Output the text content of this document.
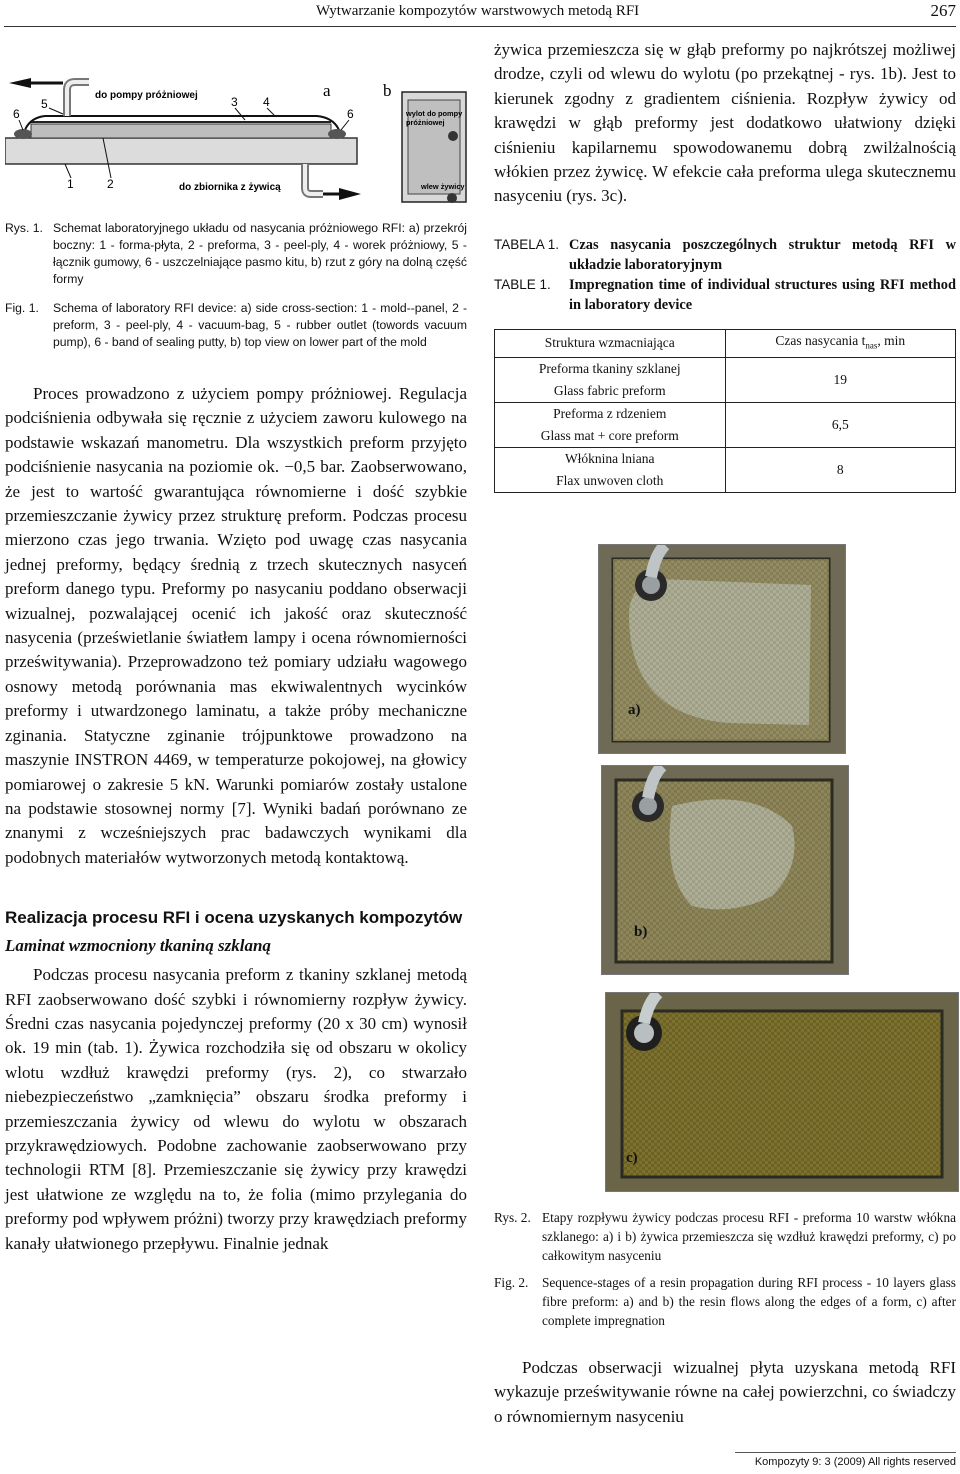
Wytwarzanie kompozytów warstwowych metodą RFI	267
6
5	3 4
6
1	2
do pompy próżniowej
do zbiornika z żywicą
a	b
wylot do pompy
próżniowej
wlew żywicy
Rys. 1. Schemat laboratoryjnego układu od nasycania próżniowego RFI: a) przekrój boczny: 1 - forma-płyta, 2 - preforma, 3 - peel-ply, 4 - worek próżniowy, 5 - łącznik gumowy, 6 - uszczelniające pasmo kitu, b) rzut z góry na dolną część formy
Fig. 1. Schema of laboratory RFI device: a) side cross-section: 1 - mold--panel, 2 - preform, 3 - peel-ply, 4 - vacuum-bag, 5 - rubber outlet (towords vacuum pump), 6 - band of sealing putty, b) top view on lower part of the mold

Proces prowadzono z użyciem pompy próżniowej. Regulacja podciśnienia odbywała się ręcznie z użyciem zaworu kulowego na podstawie wskazań manometru. Dla wszystkich preform przyjęto podciśnienie nasycania na poziomie ok. −0,5 bar. Zaobserwowano, że jest to wartość gwarantująca równomierne i dość szybkie przemieszczanie żywicy przez strukturę preform. Podczas procesu mierzono czas jego trwania. Wzięto pod uwagę czas nasycania jednej preformy, będący średnią z trzech skutecznych nasyceń preform danego typu. Preformy po nasycaniu poddano obserwacji wizualnej, pozwalającej ocenić ich jakość oraz skuteczność nasycenia (prześwietlanie światłem lampy i ocena równomierności prześwitywania). Przeprowadzono też pomiary udziału wagowego osnowy metodą porównania mas ekwiwalentnych wycinków preformy i utwardzonego laminatu, a także próby mechaniczne zginania. Statyczne zginanie trójpunktowe prowadzono na maszynie INSTRON 4469, w temperaturze pokojowej, na głowicy pomiarowej o zakresie 5 kN. Warunki pomiarów zostały ustalone na podstawie stosownej normy [7]. Wyniki badań porównano ze znanymi z wcześniejszych prac badawczych wynikami dla podobnych materiałów wytworzonych metodą kontaktową.

Realizacja procesu RFI i ocena uzyskanych kompozytów
Laminat wzmocniony tkaniną szklaną

Podczas procesu nasycania preform z tkaniny szklanej metodą RFI zaobserwowano dość szybki i równomierny rozpływ żywicy. Średni czas nasycania pojedynczej preformy (20 x 30 cm) wynosił ok. 19 min (tab. 1). Żywica rozchodziła się od obszaru w okolicy wlotu wzdłuż krawędzi preformy (rys. 2), co stwarzało niebezpieczeństwo „zamknięcia” obszaru środka preformy i przemieszczania żywicy od wlewu do wylotu w obszarach przykrawędziowych. Podobne zachowanie zaobserwowano przy technologii RTM [8]. Przemieszczanie się żywicy przy krawędzi jest ułatwione ze względu na to, że folia (mimo przylegania do preformy pod wpływem próżni) tworzy przy krawędziach preformy kanały ułatwionego przepływu. Finalnie jednak

żywica przemieszcza się w głąb preformy po najkrótszej możliwej drodze, czyli od wlewu do wylotu (po przekątnej - rys. 1b). Jest to kierunek zgodny z gradientem ciśnienia. Rozpływ żywicy od krawędzi w głąb preformy jest dodatkowo ułatwiony dzięki ciśnieniu kapilarnemu spowodowanemu dobrą zwilżalnością włókien przez żywicę. W efekcie cała preforma ulega skutecznemu nasyceniu (rys. 3c).

TABELA 1. Czas nasycania poszczególnych struktur metodą RFI w układzie laboratoryjnym
TABLE 1. Impregnation time of individual structures using RFI method in laboratory device
Struktura wzmacniająca	Czas nasycania $t_{nas}$, min

Preforma tkaniny szklanej
Glass fabric preform	19

Preforma z rdzeniem
Glass mat + core preform	6,5

Włóknina lniana
Flax unwoven cloth	8
a)
b)
c)
Rys. 2. Etapy rozpływu żywicy podczas procesu RFI - preforma 10 warstw włókna szklanego: a) i b) żywica przemieszcza się wzdłuż krawędzi preformy, c) po całkowitym nasyceniu
Fig. 2. Sequence-stages of a resin propagation during RFI process - 10 layers glass fibre preform: a) and b) the resin flows along the edges of a form, c) after complete impregnation

Podczas obserwacji wizualnej płyta uzyskana metodą RFI wykazuje prześwitywanie równe na całej powierzchni, co świadczy o równomiernym nasyceniu

Kompozyty 9: 3 (2009) All rights reserved
